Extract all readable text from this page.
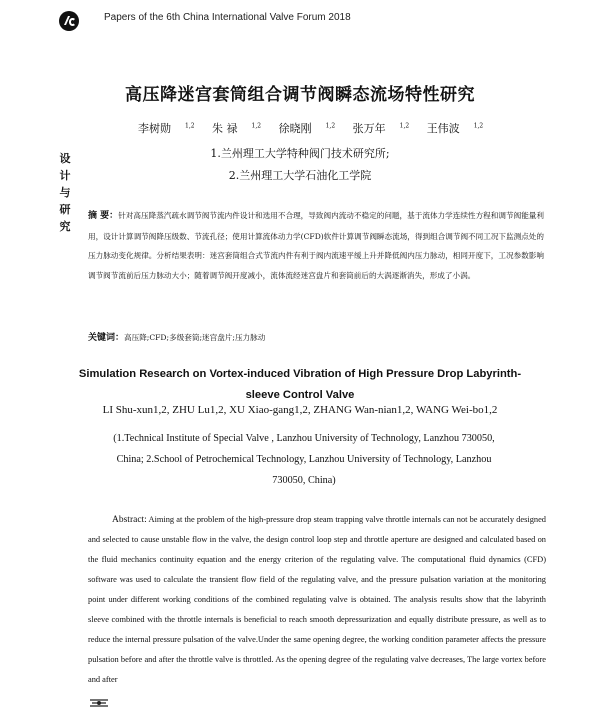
Papers of the 6th China International Valve Forum 2018
高压降迷宫套筒组合调节阀瞬态流场特性研究
李树勋 $^{1,2}$ 朱 禄 $^{1,2}$ 徐晓刚 $^{1,2}$ 张万年 $^{1,2}$ 王伟波 $^{1,2}$
1.兰州理工大学特种阀门技术研究所;
2.兰州理工大学石油化工学院
设
计
与
研
究
摘 要：针对高压降蒸汽疏水调节阀节流内件设计和选用不合理，导致阀内流动不稳定的问题，基于流体力学连续性方程和调节阀能量利用，设计计算调节阀降压级数、节流孔径；使用计算流体动力学(CFD)软件计算调节阀瞬态流场，得到组合调节阀不同工况下监测点处的压力脉动变化规律。分析结果表明：迷宫套筒组合式节流内件有利于阀内流速平缓上升并降低阀内压力脉动，相同开度下，工况参数影响调节阀节流前后压力脉动大小；随着调节阀开度减小，流体流经迷宫盘片和套筒前后的大涡逐渐消失，形成了小涡。
关键词：高压降;CFD;多级套筒;迷宫盘片;压力脉动
Simulation Research on Vortex-induced Vibration of High Pressure Drop Labyrinth-
sleeve Control Valve
LI Shu-xun1,2, ZHU Lu1,2, XU Xiao-gang1,2, ZHANG Wan-nian1,2, WANG Wei-bo1,2
(1.Technical Institute of Special Valve , Lanzhou University of Technology, Lanzhou 730050, China; 2.School of Petrochemical Technology, Lanzhou University of Technology, Lanzhou 730050, China)
Abstract: Aiming at the problem of the high-pressure drop steam trapping valve throttle internals can not be accurately designed and selected to cause unstable flow in the valve, the design control loop step and throttle aperture are designed and calculated based on the fluid mechanics continuity equation and the energy criterion of the regulating valve. The computational fluid dynamics (CFD) software was used to calculate the transient flow field of the regulating valve, and the pressure pulsation variation at the monitoring point under different working conditions of the combined regulating valve is obtained. The analysis results show that the labyrinth sleeve combined with the throttle internals is beneficial to reach smooth depressurization and equally distribute pressure, as well as to reduce the internal pressure pulsation of the valve.Under the same opening degree, the working condition parameter affects the pressure pulsation before and after the throttle valve is throttled. As the opening degree of the regulating valve decreases, The large vortex before and after
